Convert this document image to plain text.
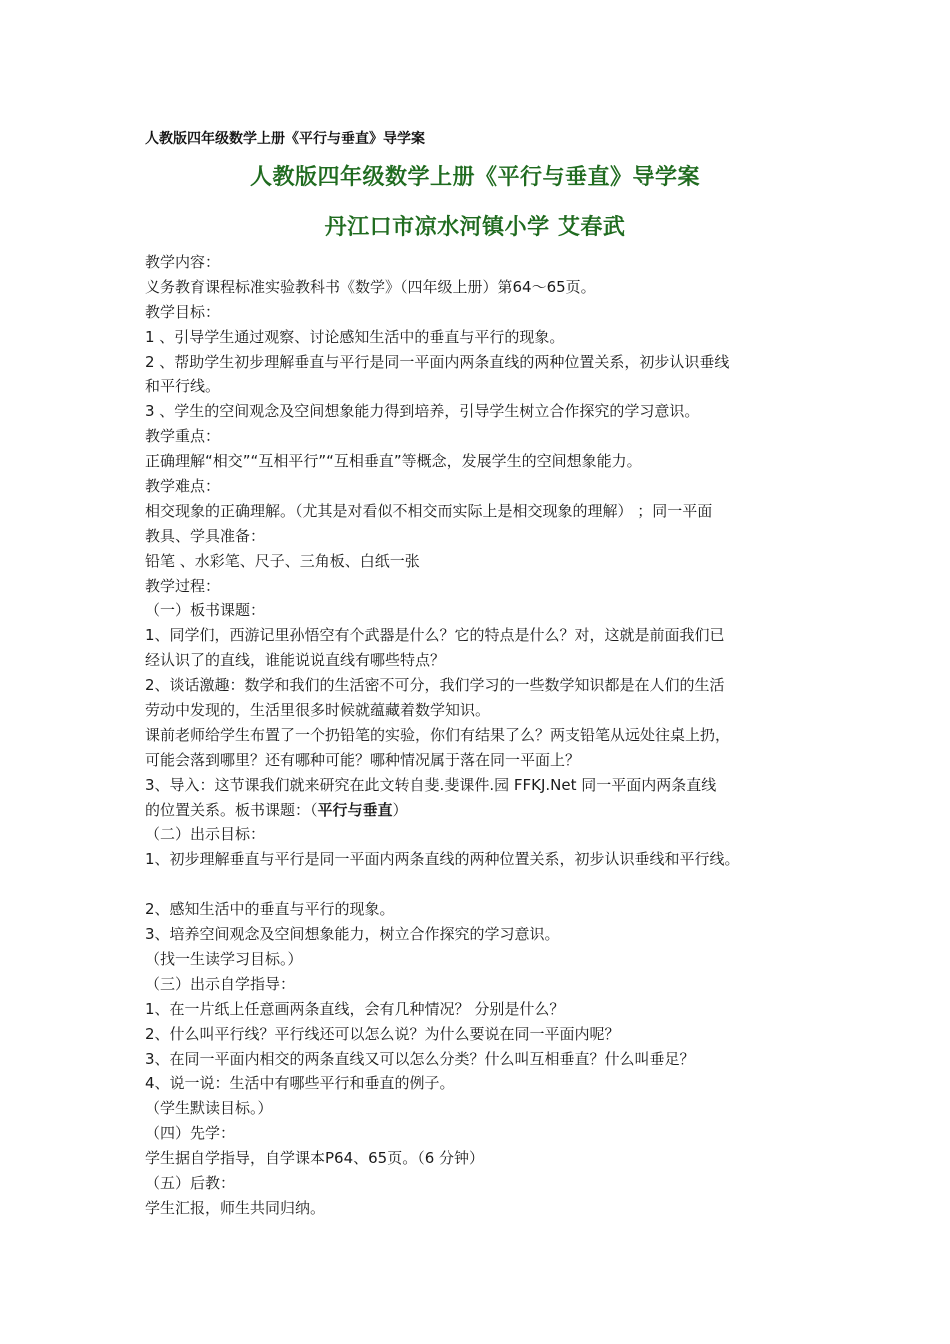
人教版四年级数学上册《平行与垂直》导学案
人教版四年级数学上册《平行与垂直》导学案
丹江口市凉水河镇小学 艾春武
教学内容：
义务教育课程标准实验教科书《数学》（四年级上册）第64～65页。
教学目标：
1 、引导学生通过观察、讨论感知生活中的垂直与平行的现象。
2 、帮助学生初步理解垂直与平行是同一平面内两条直线的两种位置关系，初步认识垂线
和平行线。
3 、学生的空间观念及空间想象能力得到培养，引导学生树立合作探究的学习意识。
教学重点：
正确理解“相交”“互相平行”“互相垂直”等概念，发展学生的空间想象能力。
教学难点：
相交现象的正确理解。（尤其是对看似不相交而实际上是相交现象的理解） ；同一平面
教具、学具准备：
铅笔 、水彩笔、尺子、三角板、白纸一张
教学过程：
（一）板书课题：
1、同学们，西游记里孙悟空有个武器是什么？它的特点是什么？对，这就是前面我们已
经认识了的直线，谁能说说直线有哪些特点？
2、谈话激趣：数学和我们的生活密不可分，我们学习的一些数学知识都是在人们的生活
劳动中发现的，生活里很多时候就蕴藏着数学知识。
课前老师给学生布置了一个扔铅笔的实验，你们有结果了么？两支铅笔从远处往桌上扔，
可能会落到哪里？还有哪种可能？哪种情况属于落在同一平面上？
3、导入：这节课我们就来研究在此文转自斐.斐课件.园 FFKJ.Net 同一平面内两条直线
的位置关系。板书课题：（平行与垂直）
（二）出示目标：
1、初步理解垂直与平行是同一平面内两条直线的两种位置关系，初步认识垂线和平行线。
2、感知生活中的垂直与平行的现象。
3、培养空间观念及空间想象能力，树立合作探究的学习意识。
（找一生读学习目标。）
（三）出示自学指导：
1、在一片纸上任意画两条直线，会有几种情况？ 分别是什么？
2、什么叫平行线？平行线还可以怎么说？为什么要说在同一平面内呢？
3、在同一平面内相交的两条直线又可以怎么分类？什么叫互相垂直？什么叫垂足？
4、说一说：生活中有哪些平行和垂直的例子。
（学生默读目标。）
（四）先学：
学生据自学指导，自学课本P64、65页。（6 分钟）
（五）后教：
学生汇报，师生共同归纳。
